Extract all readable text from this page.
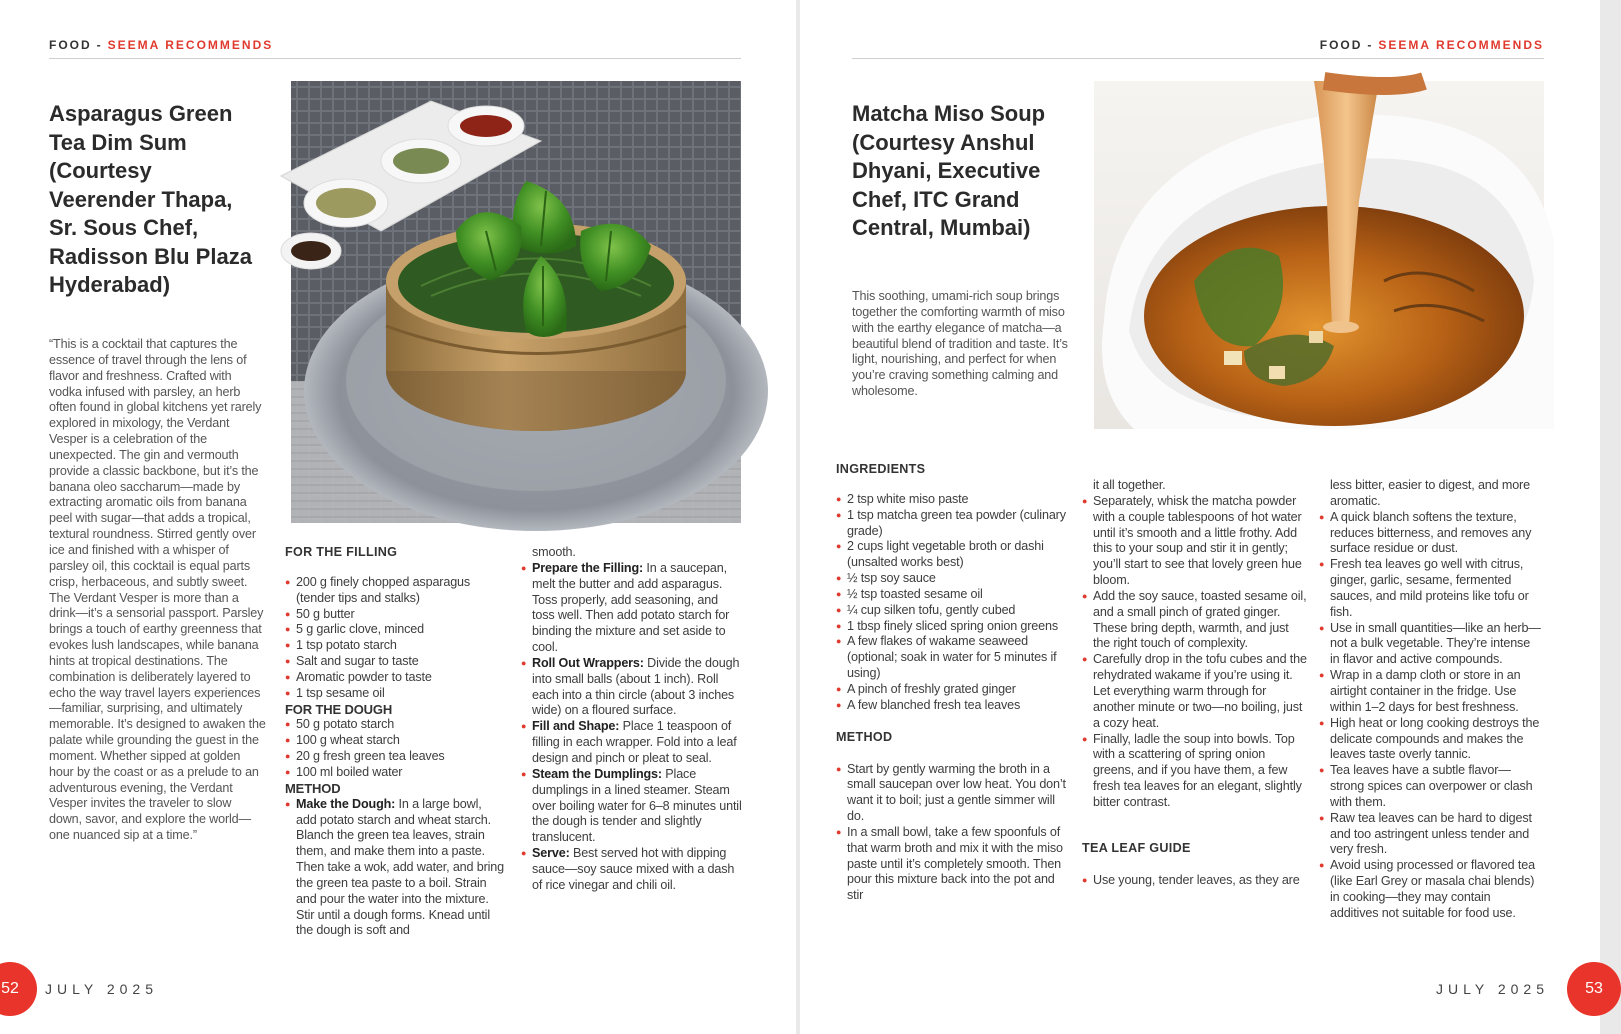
FOOD - SEEMA RECOMMENDS
Asparagus Green Tea Dim Sum (Courtesy Veerender Thapa, Sr. Sous Chef, Radisson Blu Plaza Hyderabad)

“This is a cocktail that captures the essence of travel through the lens of flavor and freshness. Crafted with vodka infused with parsley, an herb often found in global kitchens yet rarely explored in mixology, the Verdant Vesper is a celebration of the unexpected. The gin and vermouth provide a classic backbone, but it’s the banana oleo saccharum—made by extracting aromatic oils from banana peel with sugar—that adds a tropical, textural roundness. Stirred gently over ice and finished with a whisper of parsley oil, this cocktail is equal parts crisp, herbaceous, and subtly sweet. The Verdant Vesper is more than a drink—it’s a sensorial passport. Parsley brings a touch of earthy greenness that evokes lush landscapes, while banana hints at tropical destinations. The combination is deliberately layered to echo the way travel layers experiences—familiar, surprising, and ultimately memorable. It’s designed to awaken the palate while grounding the guest in the moment. Whether sipped at golden hour by the coast or as a prelude to an adventurous evening, the Verdant Vesper invites the traveler to slow down, savor, and explore the world—one nuanced sip at a time.”

FOR THE FILLING
● 200 g finely chopped asparagus (tender tips and stalks)
● 50 g butter
● 5 g garlic clove, minced
● 1 tsp potato starch
● Salt and sugar to taste
● Aromatic powder to taste
● 1 tsp sesame oil
FOR THE DOUGH
● 50 g potato starch
● 100 g wheat starch
● 20 g fresh green tea leaves
● 100 ml boiled water
METHOD
● Make the Dough: In a large bowl, add potato starch and wheat starch. Blanch the green tea leaves, strain them, and make them into a paste. Then take a wok, add water, and bring the green tea paste to a boil. Strain and pour the water into the mixture. Stir until a dough forms. Knead until the dough is soft and

smooth.

● Prepare the Filling: In a saucepan, melt the butter and add asparagus. Toss properly, add seasoning, and toss well. Then add potato starch for binding the mixture and set aside to cool.
● Roll Out Wrappers: Divide the dough into small balls (about 1 inch). Roll each into a thin circle (about 3 inches wide) on a floured surface.
● Fill and Shape: Place 1 teaspoon of filling in each wrapper. Fold into a leaf design and pinch or pleat to seal.
● Steam the Dumplings: Place dumplings in a lined steamer. Steam over boiling water for 6–8 minutes until the dough is tender and slightly translucent.
● Serve: Best served hot with dipping sauce—soy sauce mixed with a dash of rice vinegar and chili oil.
52	JULY 2025
FOOD - SEEMA RECOMMENDS
Matcha Miso Soup (Courtesy Anshul Dhyani, Executive Chef, ITC Grand Central, Mumbai)

This soothing, umami-rich soup brings together the comforting warmth of miso with the earthy elegance of matcha—a beautiful blend of tradition and taste. It’s light, nourishing, and perfect for when you’re craving something calming and wholesome.

INGREDIENTS
● 2 tsp white miso paste
● 1 tsp matcha green tea powder (culinary grade)
● 2 cups light vegetable broth or dashi (unsalted works best)
● ½ tsp soy sauce
● ½ tsp toasted sesame oil
● ¼ cup silken tofu, gently cubed
● 1 tbsp finely sliced spring onion greens
● A few flakes of wakame seaweed (optional; soak in water for 5 minutes if using)
● A pinch of freshly grated ginger
● A few blanched fresh tea leaves
METHOD
● Start by gently warming the broth in a small saucepan over low heat. You don’t want it to boil; just a gentle simmer will do.
● In a small bowl, take a few spoonfuls of that warm broth and mix it with the miso paste until it’s completely smooth. Then pour this mixture back into the pot and stir

it all together.

● Separately, whisk the matcha powder with a couple tablespoons of hot water until it’s smooth and a little frothy. Add this to your soup and stir it in gently; you’ll start to see that lovely green hue bloom.
● Add the soy sauce, toasted sesame oil, and a small pinch of grated ginger. These bring depth, warmth, and just the right touch of complexity.
● Carefully drop in the tofu cubes and the rehydrated wakame if you’re using it. Let everything warm through for another minute or two—no boiling, just a cozy heat.
● Finally, ladle the soup into bowls. Top with a scattering of spring onion greens, and if you have them, a few fresh tea leaves for an elegant, slightly bitter contrast.
TEA LEAF GUIDE
● Use young, tender leaves, as they are

less bitter, easier to digest, and more aromatic.

● A quick blanch softens the texture, reduces bitterness, and removes any surface residue or dust.
● Fresh tea leaves go well with citrus, ginger, garlic, sesame, fermented sauces, and mild proteins like tofu or fish.
● Use in small quantities—like an herb—not a bulk vegetable. They’re intense in flavor and active compounds.
● Wrap in a damp cloth or store in an airtight container in the fridge. Use within 1–2 days for best freshness.
● High heat or long cooking destroys the delicate compounds and makes the leaves taste overly tannic.
● Tea leaves have a subtle flavor—strong spices can overpower or clash with them.
● Raw tea leaves can be hard to digest and too astringent unless tender and very fresh.
● Avoid using processed or flavored tea (like Earl Grey or masala chai blends) in cooking—they may contain additives not suitable for food use.
JULY 2025	53
